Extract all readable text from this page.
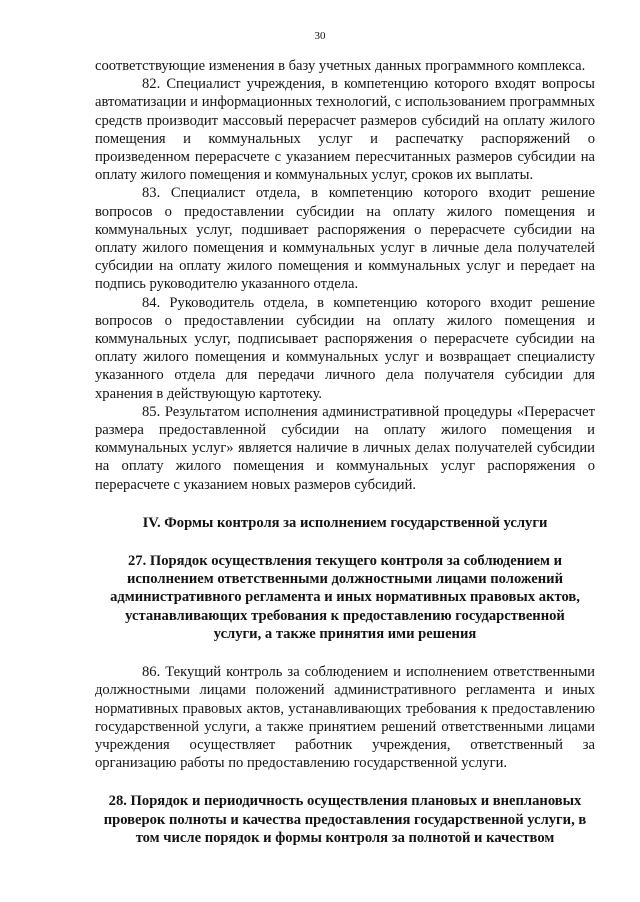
30

соответствующие изменения в базу учетных данных программного комплекса.

82. Специалист учреждения, в компетенцию которого входят вопросы автоматизации и информационных технологий, с использованием программных средств производит массовый перерасчет размеров субсидий на оплату жилого помещения и коммунальных услуг и распечатку распоряжений о произведенном перерасчете с указанием пересчитанных размеров субсидии на оплату жилого помещения и коммунальных услуг, сроков их выплаты.

83. Специалист отдела, в компетенцию которого входит решение вопросов о предоставлении субсидии на оплату жилого помещения и коммунальных услуг, подшивает распоряжения о перерасчете субсидии на оплату жилого помещения и коммунальных услуг в личные дела получателей субсидии на оплату жилого помещения и коммунальных услуг и передает на подпись руководителю указанного отдела.

84. Руководитель отдела, в компетенцию которого входит решение вопросов о предоставлении субсидии на оплату жилого помещения и коммунальных услуг, подписывает распоряжения о перерасчете субсидии на оплату жилого помещения и коммунальных услуг и возвращает специалисту указанного отдела для передачи личного дела получателя субсидии для хранения в действующую картотеку.

85. Результатом исполнения административной процедуры «Перерасчет размера предоставленной субсидии на оплату жилого помещения и коммунальных услуг» является наличие в личных делах получателей субсидии на оплату жилого помещения и коммунальных услуг распоряжения о перерасчете с указанием новых размеров субсидий.

IV. Формы контроля за исполнением государственной услуги
27. Порядок осуществления текущего контроля за соблюдением и
исполнением ответственными должностными лицами положений
административного регламента и иных нормативных правовых актов,
устанавливающих требования к предоставлению государственной
услуги, а также принятия ими решения

86. Текущий контроль за соблюдением и исполнением ответственными должностными лицами положений административного регламента и иных нормативных правовых актов, устанавливающих требования к предоставлению государственной услуги, а также принятием решений ответственными лицами учреждения осуществляет работник учреждения, ответственный за организацию работы по предоставлению государственной услуги.

28. Порядок и периодичность осуществления плановых и внеплановых
проверок полноты и качества предоставления государственной услуги, в
том числе порядок и формы контроля за полнотой и качеством
